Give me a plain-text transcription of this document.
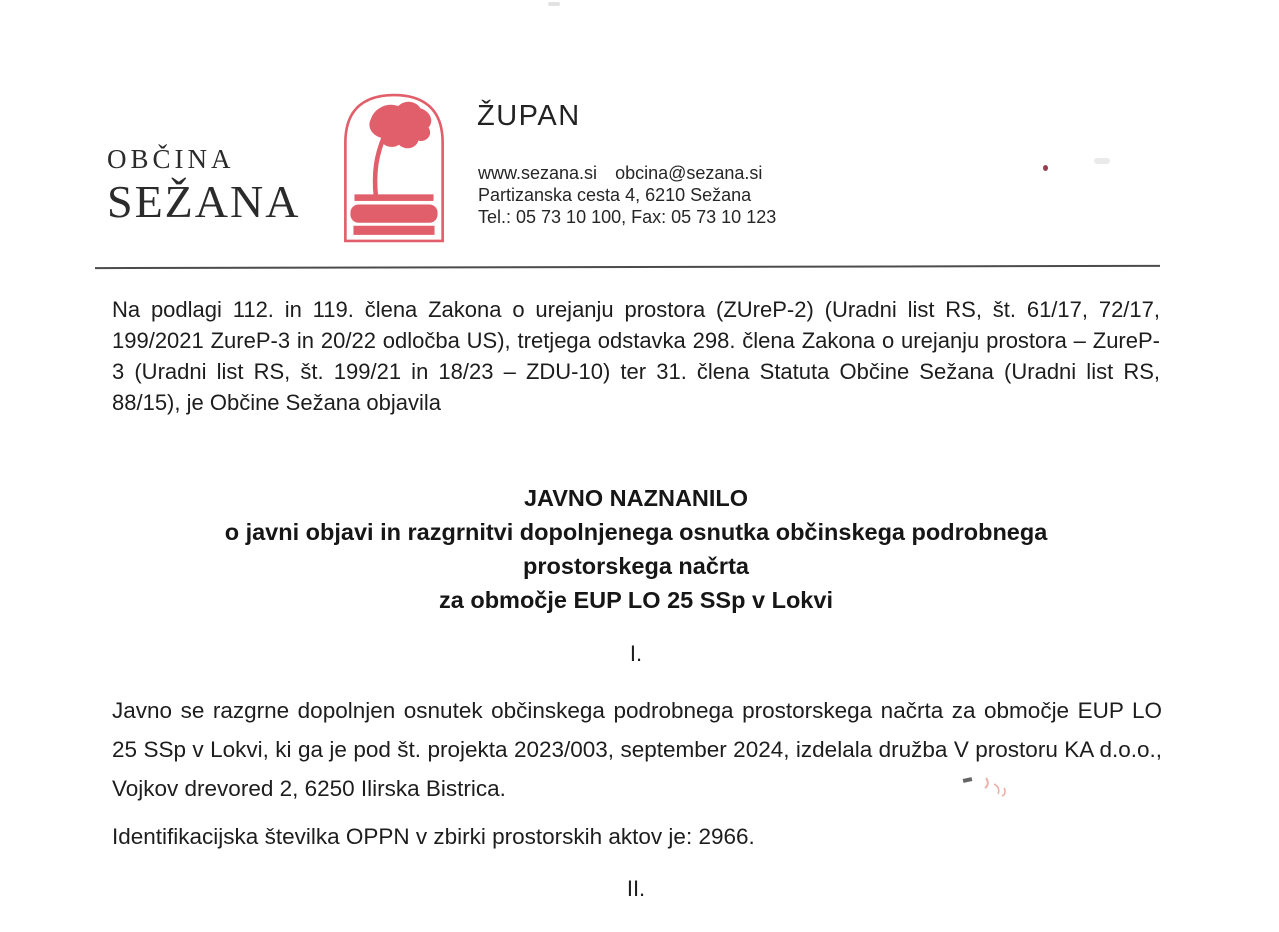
OBČINA
SEŽANA
ŽUPAN
www.sezana.si obcina@sezana.si
Partizanska cesta 4, 6210 Sežana
Tel.: 05 73 10 100, Fax: 05 73 10 123
Na podlagi 112. in 119. člena Zakona o urejanju prostora (ZUreP-2) (Uradni list RS, št. 61/17, 72/17, 199/2021 ZureP-3 in 20/22 odločba US), tretjega odstavka 298. člena Zakona o urejanju prostora – ZureP-3 (Uradni list RS, št. 199/21 in 18/23 – ZDU-10) ter 31. člena Statuta Občine Sežana (Uradni list RS, 88/15), je Občine Sežana objavila
JAVNO NAZNANILO
o javni objavi in razgrnitvi dopolnjenega osnutka občinskega podrobnega
prostorskega načrta
za območje EUP LO 25 SSp v Lokvi
I.
Javno se razgrne dopolnjen osnutek občinskega podrobnega prostorskega načrta za območje EUP LO 25 SSp v Lokvi, ki ga je pod št. projekta 2023/003, september 2024, izdelala družba V prostoru KA d.o.o., Vojkov drevored 2, 6250 Ilirska Bistrica.
Identifikacijska številka OPPN v zbirki prostorskih aktov je: 2966.
II.
